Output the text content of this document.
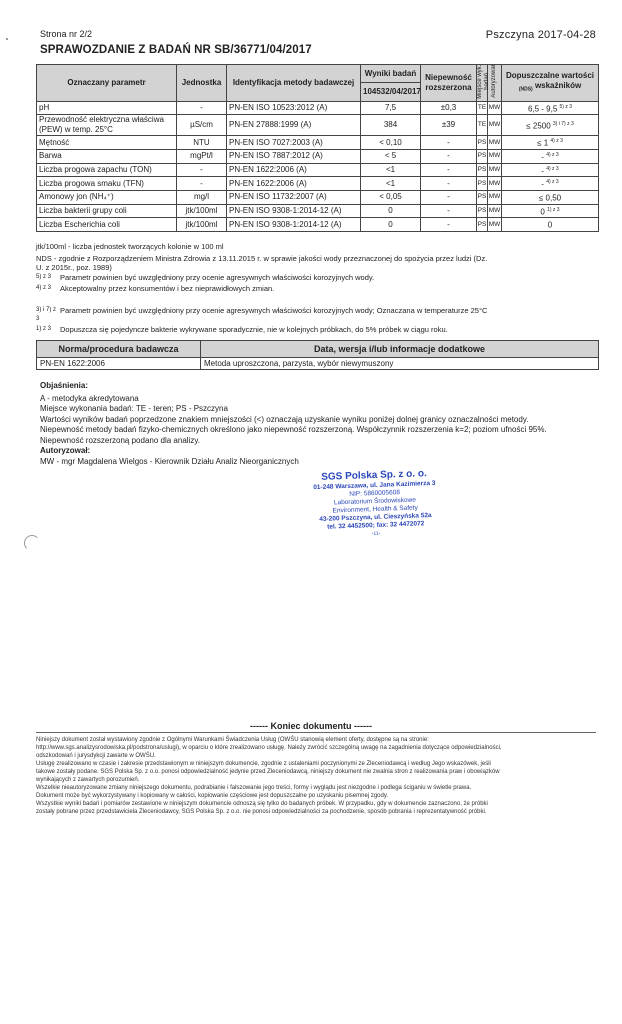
Strona nr 2/2	Pszczyna 2017-04-28
SPRAWOZDANIE Z BADAŃ NR SB/36771/04/2017
Oznaczany parametr	Jednostka	Identyfikacja metody badawczej	Wyniki badań	Niepewność rozszerzona	Miejsce wyk. badań	Autoryzował	Dopuszczalne wartości $_{(NDS)}$ wskaźników
			104532/04/2017				
pH	-	PN-EN ISO 10523:2012 (A)	7,5	±0,3	TE	MW	6,5 - 9,5 $^{5) z 3}$
Przewodność elektryczna właściwa (PEW) w temp. 25°C	µS/cm	PN-EN 27888:1999 (A)	384	±39	TE	MW	≤ 2500 $^{3) i 7) z 3}$
Mętność	NTU	PN-EN ISO 7027:2003 (A)	< 0,10	-	PS	MW	≤ 1 $^{4) z 3}$
Barwa	mgPt/l	PN-EN ISO 7887:2012 (A)	< 5	-	PS	MW	- $^{4) z 3}$
Liczba progowa zapachu (TON)	-	PN-EN 1622:2006 (A)	<1	-	PS	MW	- $^{4) z 3}$
Liczba progowa smaku (TFN)	-	PN-EN 1622:2006 (A)	<1	-	PS	MW	- $^{4) z 3}$
Amonowy jon (NH₄⁺)	mg/l	PN-EN ISO 11732:2007 (A)	< 0,05	-	PS	MW	≤ 0,50
Liczba bakterii grupy coli	jtk/100ml	PN-EN ISO 9308-1:2014-12 (A)	0	-	PS	MW	0 $^{1) z 3}$
Liczba Escherichia coli	jtk/100ml	PN-EN ISO 9308-1:2014-12 (A)	0	-	PS	MW	0
jtk/100ml - liczba jednostek tworzących kolonie w 100 ml
NDS - zgodnie z Rozporządzeniem Ministra Zdrowia z 13.11.2015 r. w sprawie jakości wody przeznaczonej do spożycia przez ludzi (Dz. U. z 2015r., poz. 1989)
5) z 3	Parametr powinien być uwzględniony przy ocenie agresywnych właściwości korozyjnych wody.
4) z 3	Akceptowalny przez konsumentów i bez nieprawidłowych zmian.
3) i 7) z 3
Parametr powinien być uwzględniony przy ocenie agresywnych właściwości korozyjnych wody; Oznaczana w temperaturze 25°C
1) z 3	Dopuszcza się pojedyncze bakterie wykrywane sporadycznie, nie w kolejnych próbkach, do 5% próbek w ciągu roku.
Norma/procedura badawcza	Data, wersja i/lub informacje dodatkowe
PN-EN 1622:2006	Metoda uproszczona, parzysta, wybór niewymuszony
Objaśnienia:
A - metodyka akredytowana
Miejsce wykonania badań: TE - teren; PS - Pszczyna
Wartości wyników badań poprzedzone znakiem mniejszości (<) oznaczają uzyskanie wyniku poniżej dolnej granicy oznaczalności metody.
Niepewność metody badań fizyko-chemicznych określono jako niepewność rozszerzoną. Współczynnik rozszerzenia k=2; poziom ufności 95%.
Niepewność rozszerzoną podano dla analizy.
Autoryzował:
MW - mgr Magdalena Wielgos - Kierownik Działu Analiz Nieorganicznych
SGS Polska Sp. z o. o.
01-248 Warszawa, ul. Jana Kazimierza 3
NIP: 5860005608
Laboratorium Środowiskowe
Environment, Health & Safety
43-200 Pszczyna, ul. Cieszyńska 52a
tel. 32 4452500; fax: 32 4472072
-11-
------ Koniec dokumentu ------
Niniejszy dokument został wystawiony zgodnie z Ogólnymi Warunkami Świadczenia Usług (OWŚU stanowią element oferty, dostępne są na stronie:
http://www.sgs.analizysrodowiska.pl/podstrona/uslugi), w oparciu o które zrealizowano usługę. Należy zwrócić szczególną uwagę na zagadnienia dotyczące odpowiedzialności,
odszkodowań i jurysdykcji zawarte w OWŚU.
Usługę zrealizowano w czasie i zakresie przedstawionym w niniejszym dokumencie, zgodnie z ustaleniami poczynionymi ze Zleceniodawcą i według Jego wskazówek, jeśli
takowe zostały podane. SGS Polska Sp. z o.o. ponosi odpowiedzialność jedynie przed Zleceniodawcą, niniejszy dokument nie zwalnia stron z realizowania praw i obowiązków
wynikających z zawartych porozumień.
Wszelkie nieautoryzowane zmiany niniejszego dokumentu, podrabianie i fałszowanie jego treści, formy i wyglądu jest niezgodne i podlega ściganiu w świetle prawa.
Dokument może być wykorzystywany i kopiowany w całości, kopiowanie częściowe jest dopuszczalne po uzyskaniu pisemnej zgody.
Wszystkie wyniki badań i pomiarów zestawione w niniejszym dokumencie odnoszą się tylko do badanych próbek. W przypadku, gdy w dokumencie zaznaczono, że próbki
zostały pobrane przez przedstawiciela Zleceniodawcy, SGS Polska Sp. z o.o. nie ponosi odpowiedzialności za pochodzenie, sposób pobrania i reprezentatywność próbki.
